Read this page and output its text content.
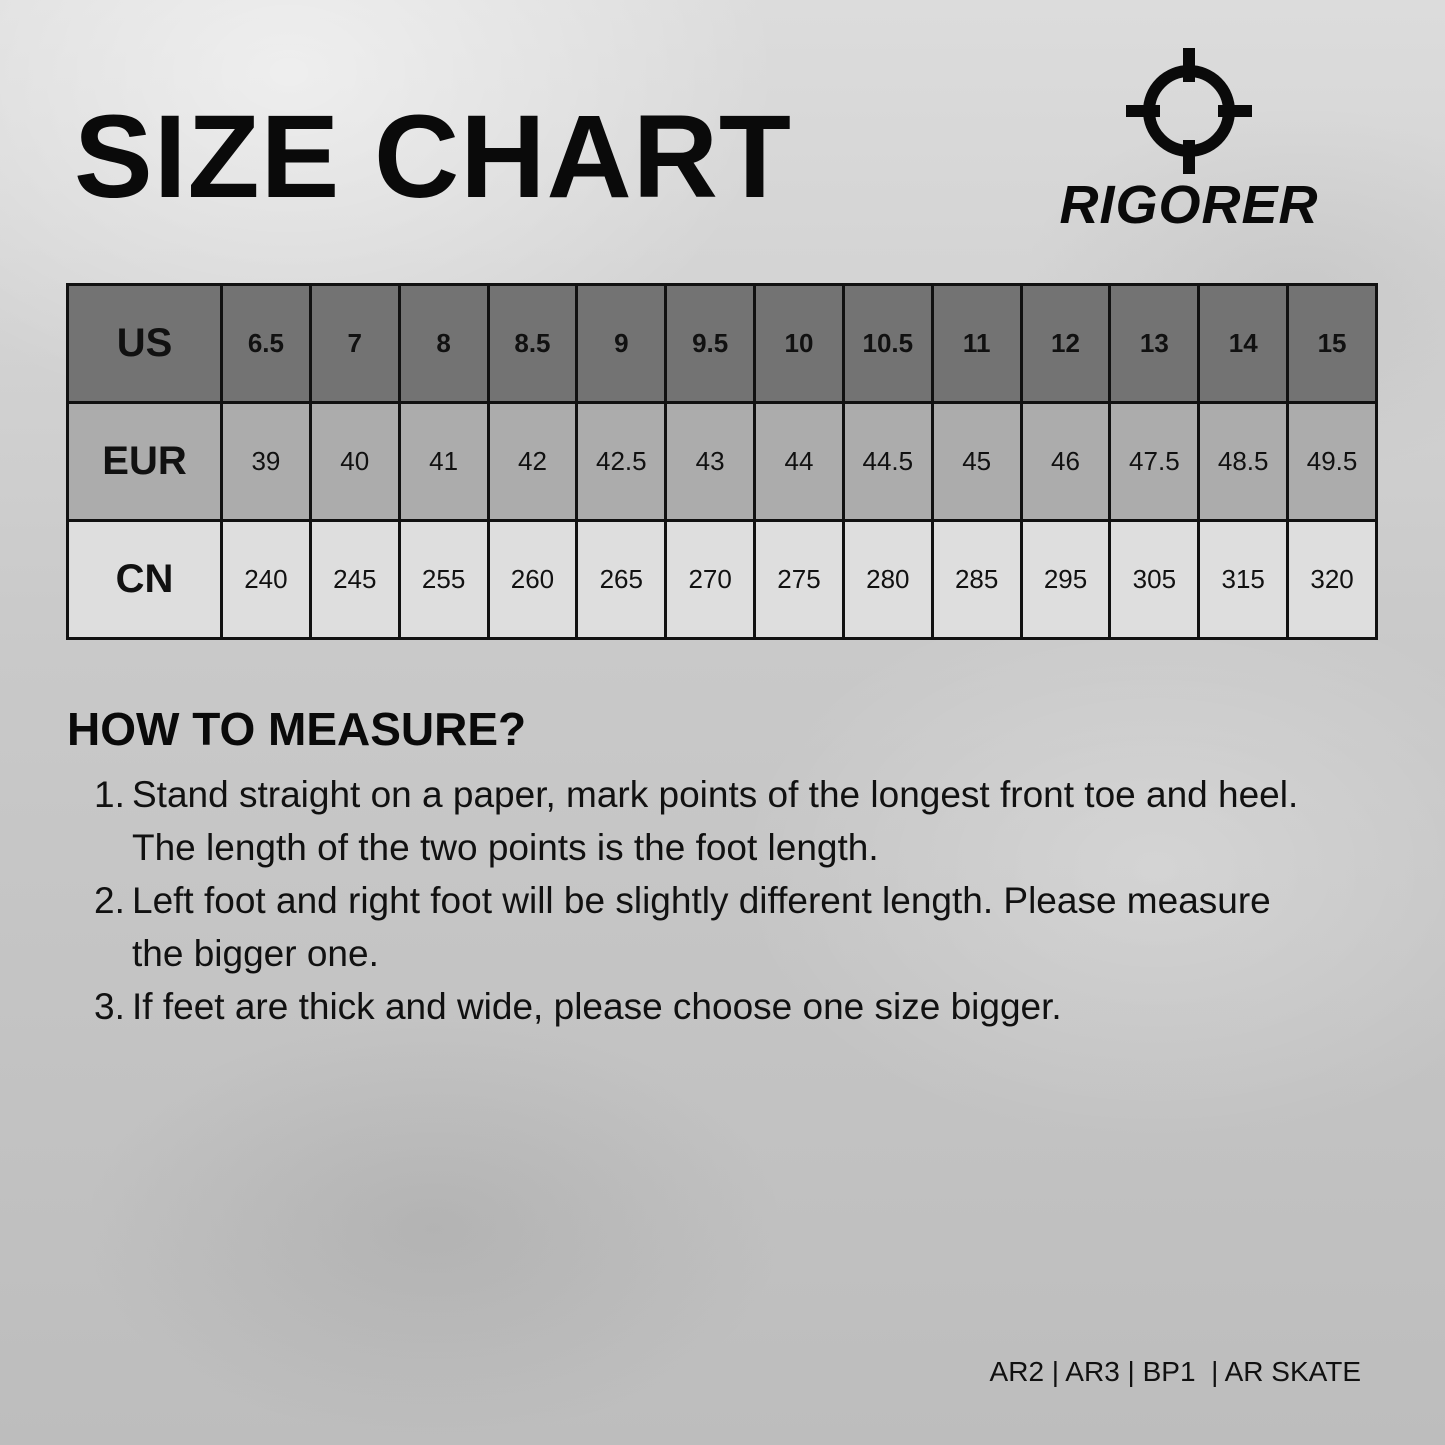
SIZE CHART	RIGORER
US	6.5	7	8	8.5	9	9.5	10	10.5	11	12	13	14	15
EUR	39	40	41	42	42.5	43	44	44.5	45	46	47.5	48.5	49.5
CN	240	245	255	260	265	270	275	280	285	295	305	315	320
HOW TO MEASURE?
1. Stand straight on a paper, mark points of the longest front toe and heel. The length of the two points is the foot length.
2. Left foot and right foot will be slightly different length. Please measure the bigger one.
3. If feet are thick and wide, please choose one size bigger.
AR2 | AR3 | BP1  | AR SKATE
